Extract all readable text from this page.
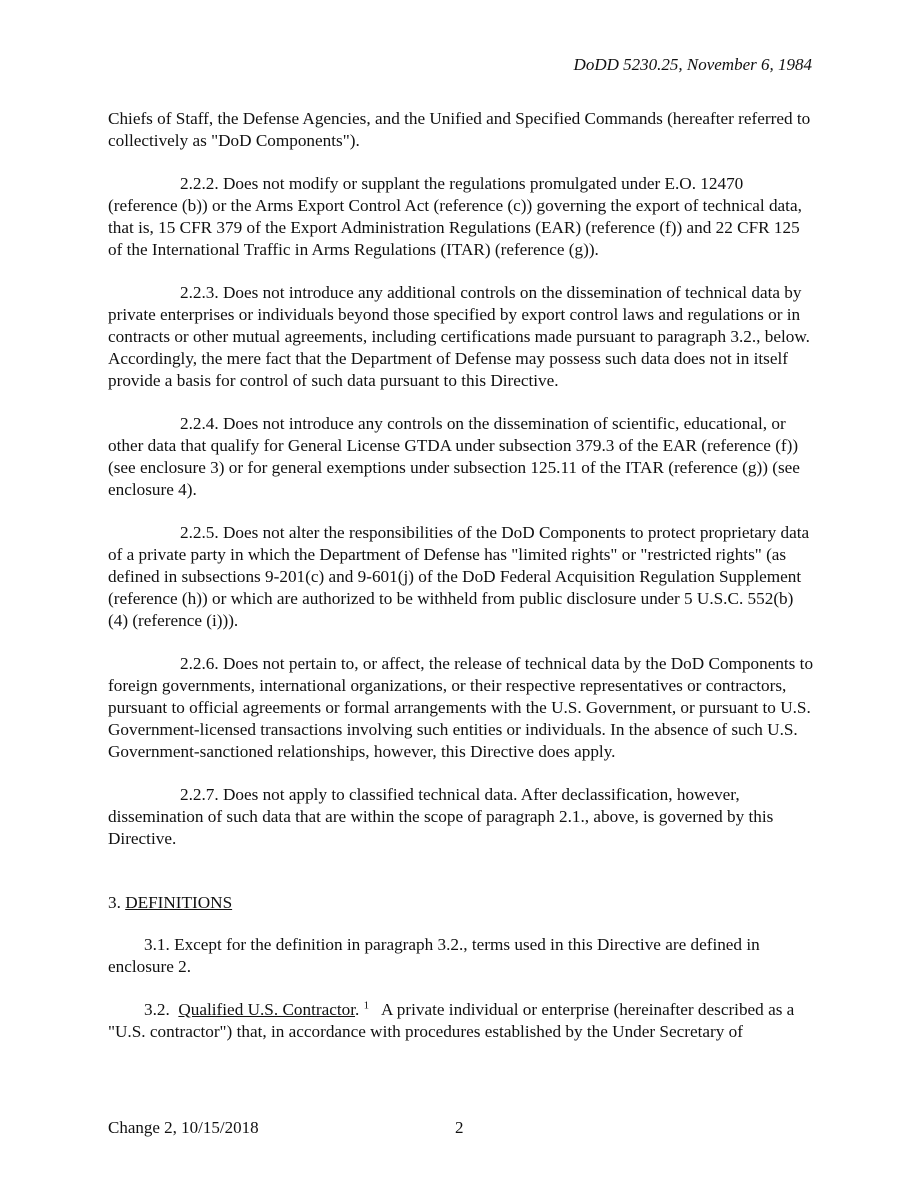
DoDD 5230.25, November 6, 1984

Chiefs of Staff, the Defense Agencies, and the Unified and Specified Commands (hereafter referred to collectively as "DoD Components").

2.2.2. Does not modify or supplant the regulations promulgated under E.O. 12470 (reference (b)) or the Arms Export Control Act (reference (c)) governing the export of technical data, that is, 15 CFR 379 of the Export Administration Regulations (EAR) (reference (f)) and 22 CFR 125 of the International Traffic in Arms Regulations (ITAR) (reference (g)).

2.2.3. Does not introduce any additional controls on the dissemination of technical data by private enterprises or individuals beyond those specified by export control laws and regulations or in contracts or other mutual agreements, including certifications made pursuant to paragraph 3.2., below. Accordingly, the mere fact that the Department of Defense may possess such data does not in itself provide a basis for control of such data pursuant to this Directive.

2.2.4. Does not introduce any controls on the dissemination of scientific, educational, or other data that qualify for General License GTDA under subsection 379.3 of the EAR (reference (f)) (see enclosure 3) or for general exemptions under subsection 125.11 of the ITAR (reference (g)) (see enclosure 4).

2.2.5. Does not alter the responsibilities of the DoD Components to protect proprietary data of a private party in which the Department of Defense has "limited rights" or "restricted rights" (as defined in subsections 9-201(c) and 9-601(j) of the DoD Federal Acquisition Regulation Supplement (reference (h)) or which are authorized to be withheld from public disclosure under 5 U.S.C. 552(b) (4) (reference (i))).

2.2.6. Does not pertain to, or affect, the release of technical data by the DoD Components to foreign governments, international organizations, or their respective representatives or contractors, pursuant to official agreements or formal arrangements with the U.S. Government, or pursuant to U.S. Government-licensed transactions involving such entities or individuals. In the absence of such U.S. Government-sanctioned relationships, however, this Directive does apply.

2.2.7. Does not apply to classified technical data. After declassification, however, dissemination of such data that are within the scope of paragraph 2.1., above, is governed by this Directive.

3. DEFINITIONS

3.1. Except for the definition in paragraph 3.2., terms used in this Directive are defined in enclosure 2.

3.2.  Qualified U.S. Contractor. $^1$   A private individual or enterprise (hereinafter described as a "U.S. contractor") that, in accordance with procedures established by the Under Secretary of

Change 2, 10/15/2018	2
